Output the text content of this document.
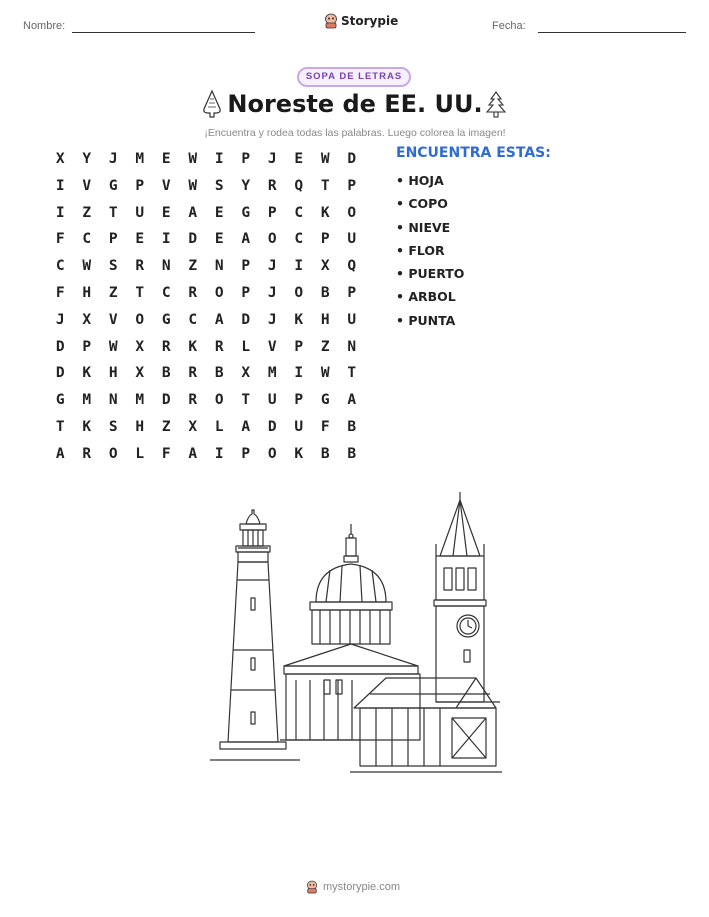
Nombre:	Storypie	Fecha:
SOPA DE LETRAS
Noreste de EE. UU.
¡Encuentra y rodea todas las palabras. Luego colorea la imagen!
X	Y	J	M	E	W	I	P	J	E	W	D
I	V	G	P	V	W	S	Y	R	Q	T	P
I	Z	T	U	E	A	E	G	P	C	K	O
F	C	P	E	I	D	E	A	O	C	P	U
C	W	S	R	N	Z	N	P	J	I	X	Q
F	H	Z	T	C	R	O	P	J	O	B	P
J	X	V	O	G	C	A	D	J	K	H	U
D	P	W	X	R	K	R	L	V	P	Z	N
D	K	H	X	B	R	B	X	M	I	W	T
G	M	N	M	D	R	O	T	U	P	G	A
T	K	S	H	Z	X	L	A	D	U	F	B
A	R	O	L	F	A	I	P	O	K	B	B
ENCUENTRA ESTAS:
• HOJA
• COPO
• NIEVE
• FLOR
• PUERTO
• ARBOL
• PUNTA
mystorypie.com
